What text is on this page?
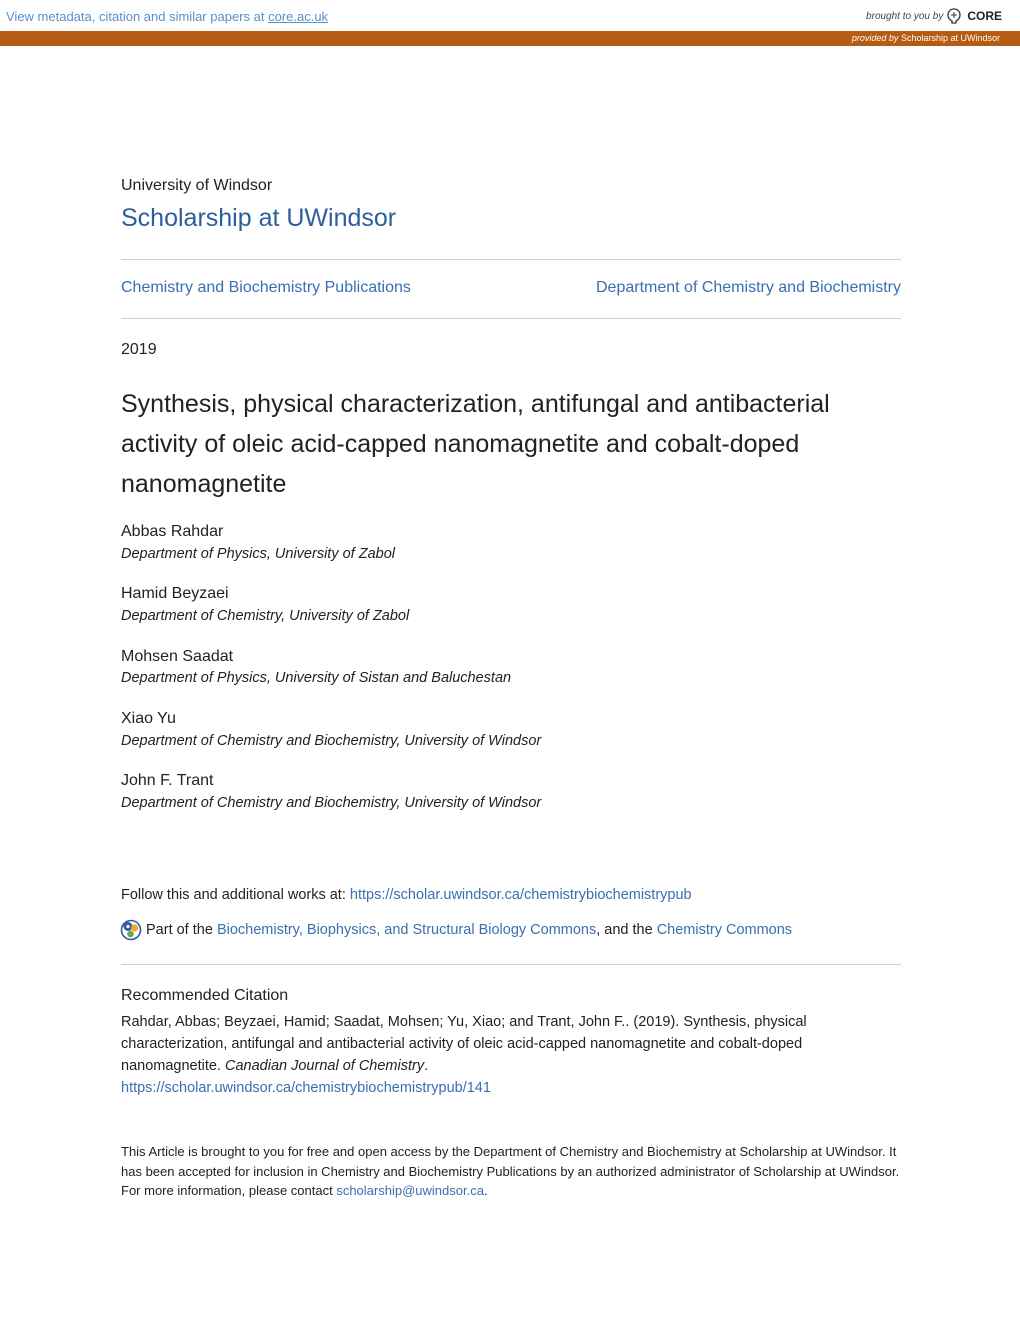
View metadata, citation and similar papers at core.ac.uk	brought to you by CORE
provided by Scholarship at UWindsor
University of Windsor
Scholarship at UWindsor
Chemistry and Biochemistry Publications	Department of Chemistry and Biochemistry
2019
Synthesis, physical characterization, antifungal and antibacterial activity of oleic acid-capped nanomagnetite and cobalt-doped nanomagnetite
Abbas Rahdar
Department of Physics, University of Zabol
Hamid Beyzaei
Department of Chemistry, University of Zabol
Mohsen Saadat
Department of Physics, University of Sistan and Baluchestan
Xiao Yu
Department of Chemistry and Biochemistry, University of Windsor
John F. Trant
Department of Chemistry and Biochemistry, University of Windsor
Follow this and additional works at: https://scholar.uwindsor.ca/chemistrybiochemistrypub
Part of the Biochemistry, Biophysics, and Structural Biology Commons , and the Chemistry Commons
Recommended Citation
Rahdar, Abbas; Beyzaei, Hamid; Saadat, Mohsen; Yu, Xiao; and Trant, John F.. (2019). Synthesis, physical characterization, antifungal and antibacterial activity of oleic acid-capped nanomagnetite and cobalt-doped nanomagnetite. Canadian Journal of Chemistry.
https://scholar.uwindsor.ca/chemistrybiochemistrypub/141
This Article is brought to you for free and open access by the Department of Chemistry and Biochemistry at Scholarship at UWindsor. It has been accepted for inclusion in Chemistry and Biochemistry Publications by an authorized administrator of Scholarship at UWindsor. For more information, please contact scholarship@uwindsor.ca.
